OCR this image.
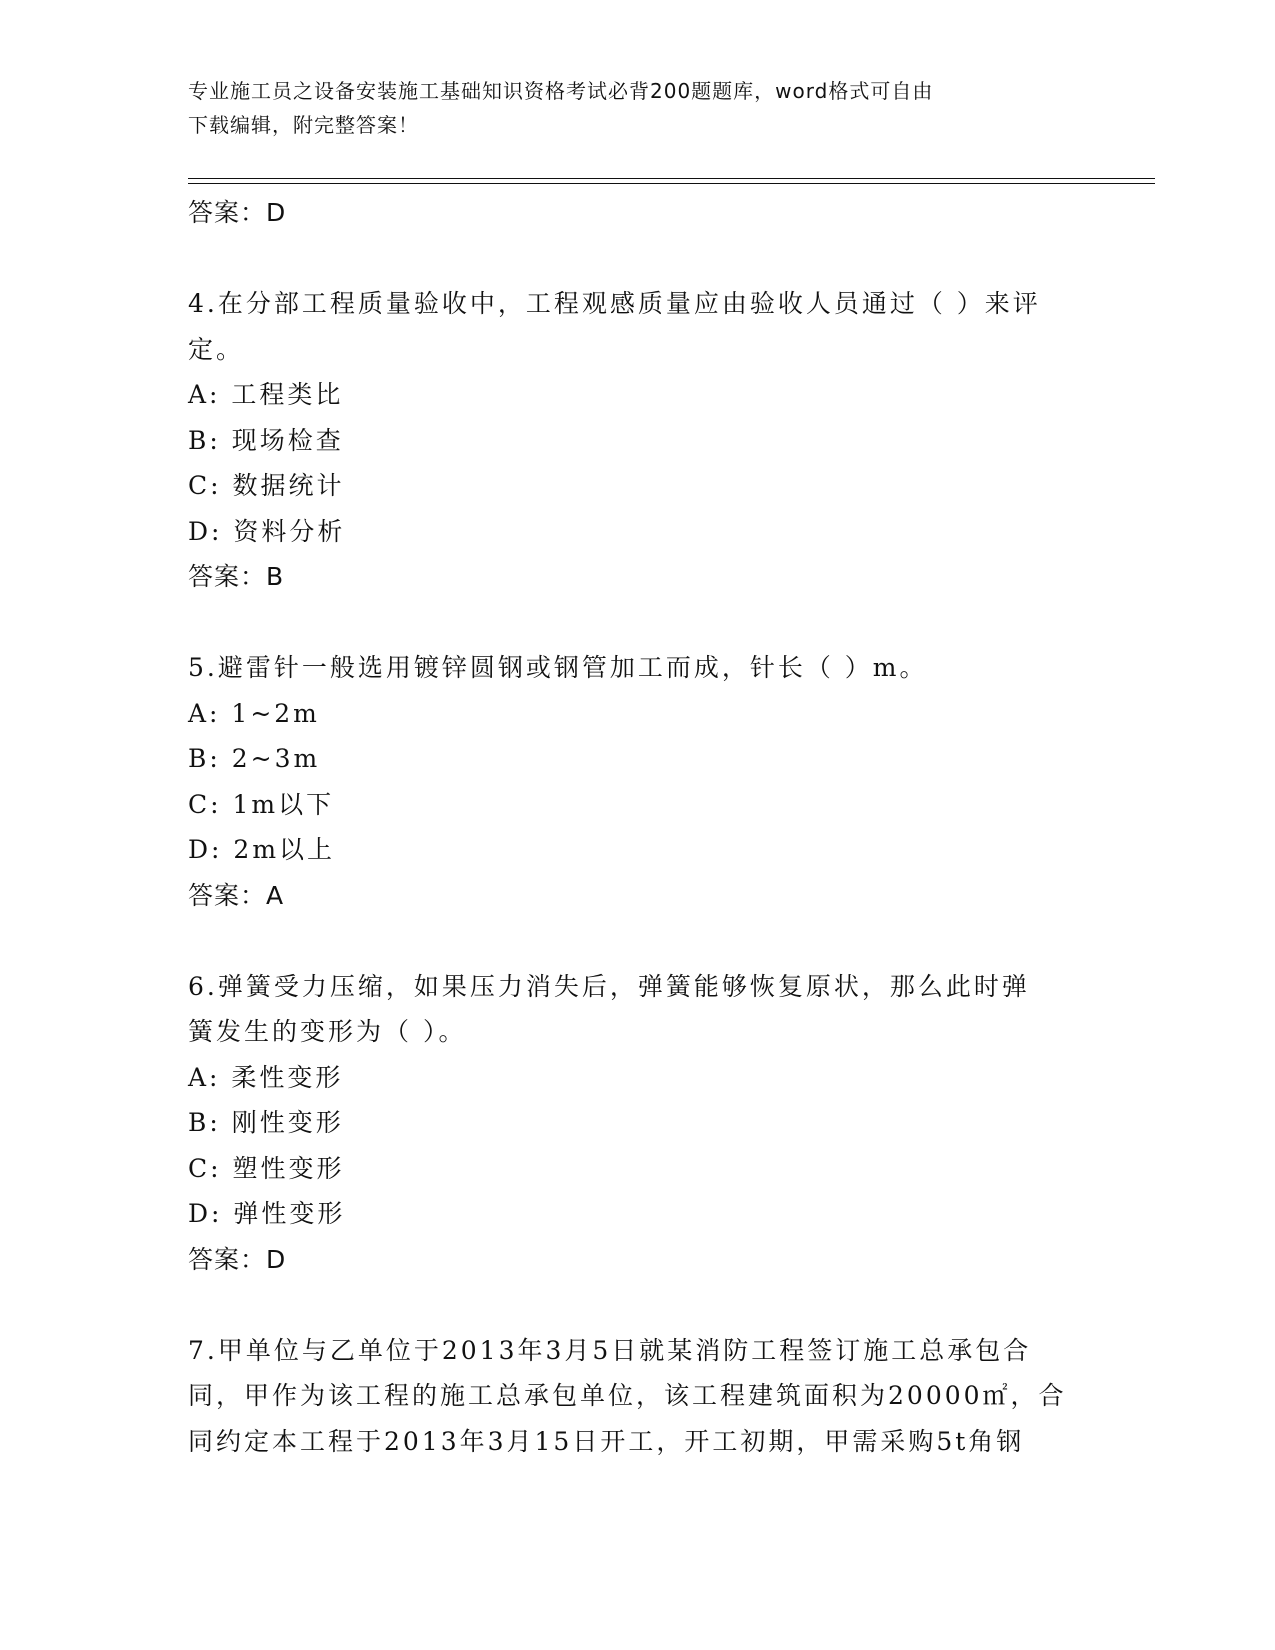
专业施工员之设备安装施工基础知识资格考试必背200题题库，word格式可自由
下载编辑，附完整答案！
答案：D
4.在分部工程质量验收中，工程观感质量应由验收人员通过（ ）来评
定。
A: 工程类比
B: 现场检查
C: 数据统计
D: 资料分析
答案：B
5.避雷针一般选用镀锌圆钢或钢管加工而成，针长（ ）m。
A: 1~2m
B: 2~3m
C: 1m以下
D: 2m以上
答案：A
6.弹簧受力压缩，如果压力消失后，弹簧能够恢复原状，那么此时弹
簧发生的变形为（ ）。
A: 柔性变形
B: 刚性变形
C: 塑性变形
D: 弹性变形
答案：D
7.甲单位与乙单位于2013年3月5日就某消防工程签订施工总承包合
同，甲作为该工程的施工总承包单位，该工程建筑面积为20000㎡，合
同约定本工程于2013年3月15日开工，开工初期，甲需采购5t角钢
